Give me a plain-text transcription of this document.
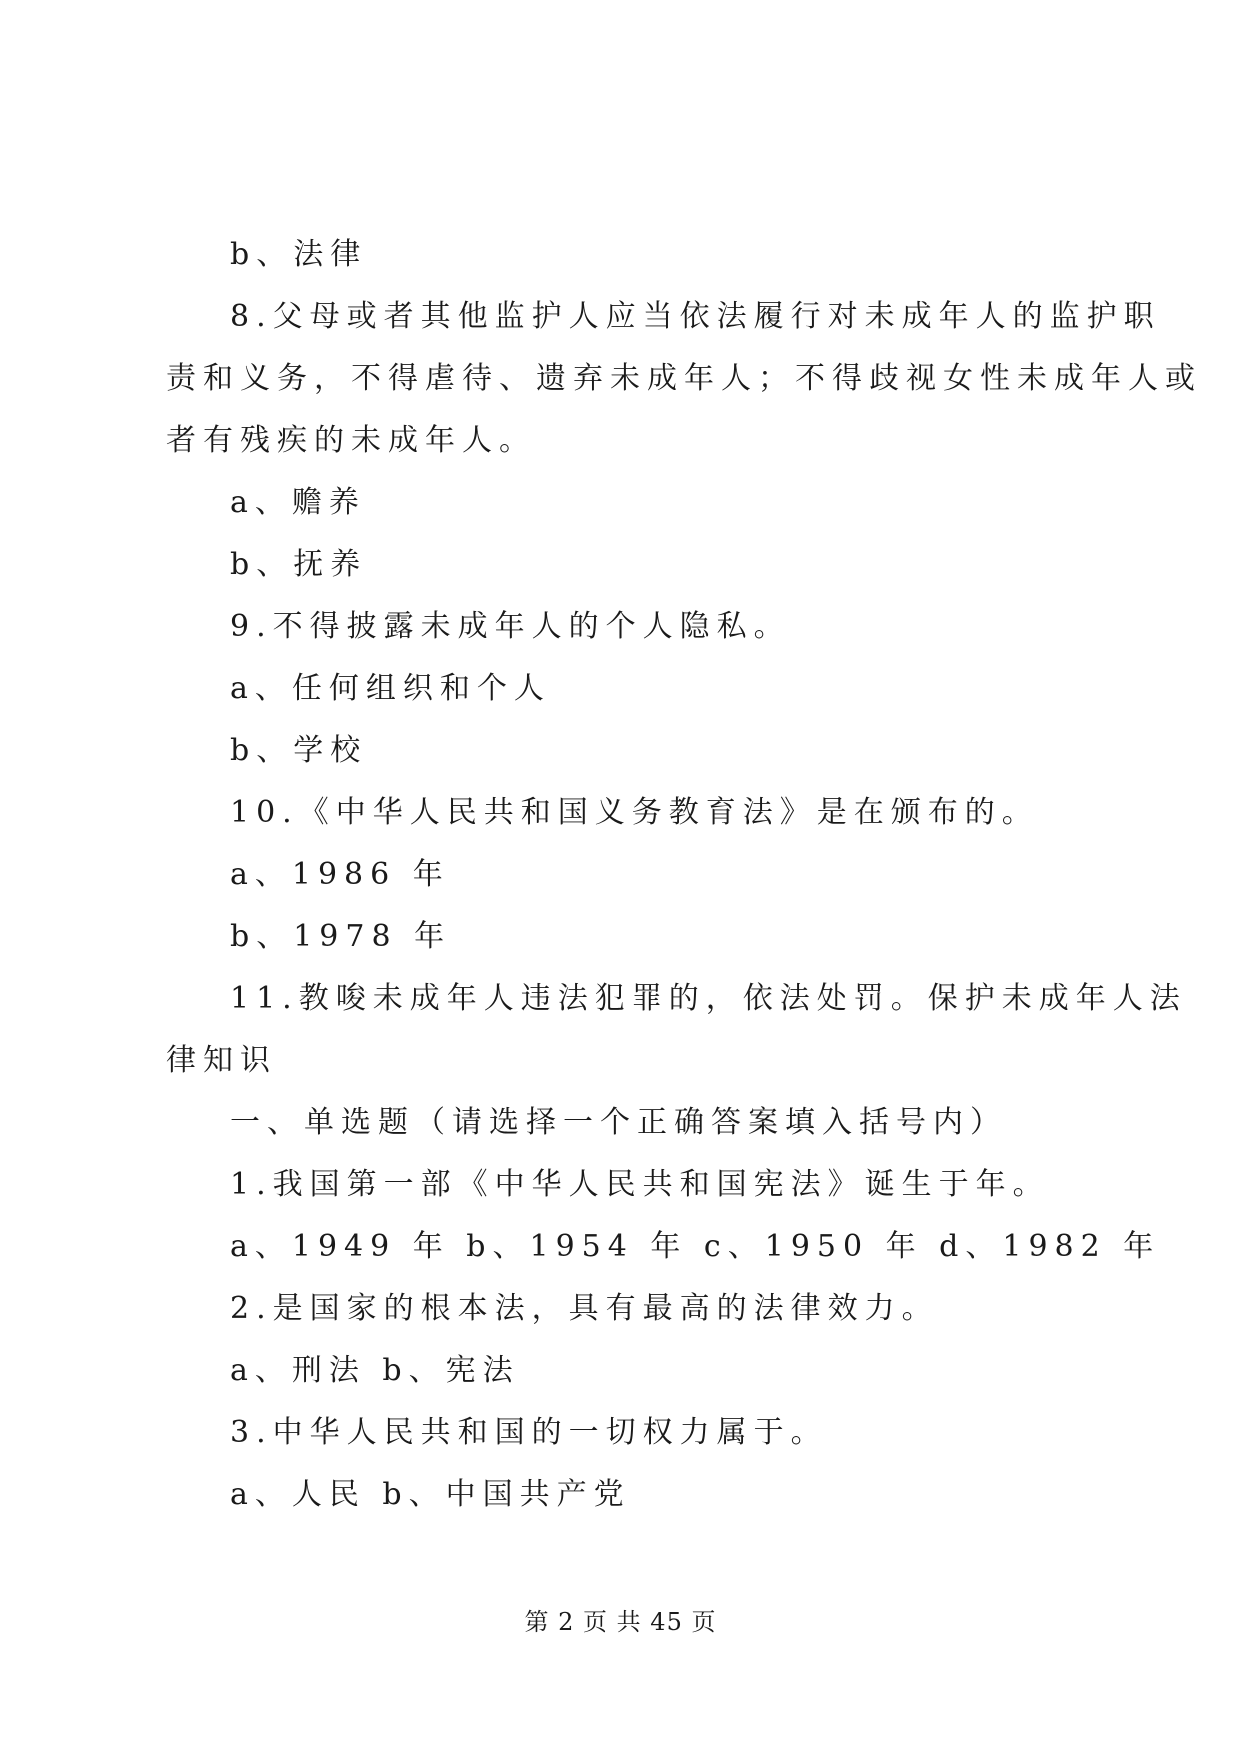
b、法律
8.父母或者其他监护人应当依法履行对未成年人的监护职
责和义务，不得虐待、遗弃未成年人；不得歧视女性未成年人或
者有残疾的未成年人。
a、赡养
b、抚养
9.不得披露未成年人的个人隐私。
a、任何组织和个人
b、学校
10.《中华人民共和国义务教育法》是在颁布的。
a、1986 年
b、1978 年
11.教唆未成年人违法犯罪的，依法处罚。保护未成年人法
律知识
一、单选题（请选择一个正确答案填入括号内）
1.我国第一部《中华人民共和国宪法》诞生于年。
a、1949 年 b、1954 年 c、1950 年 d、1982 年
2.是国家的根本法，具有最高的法律效力。
a、刑法 b、宪法
3.中华人民共和国的一切权力属于。
a、人民 b、中国共产党
第 2 页 共 45 页
